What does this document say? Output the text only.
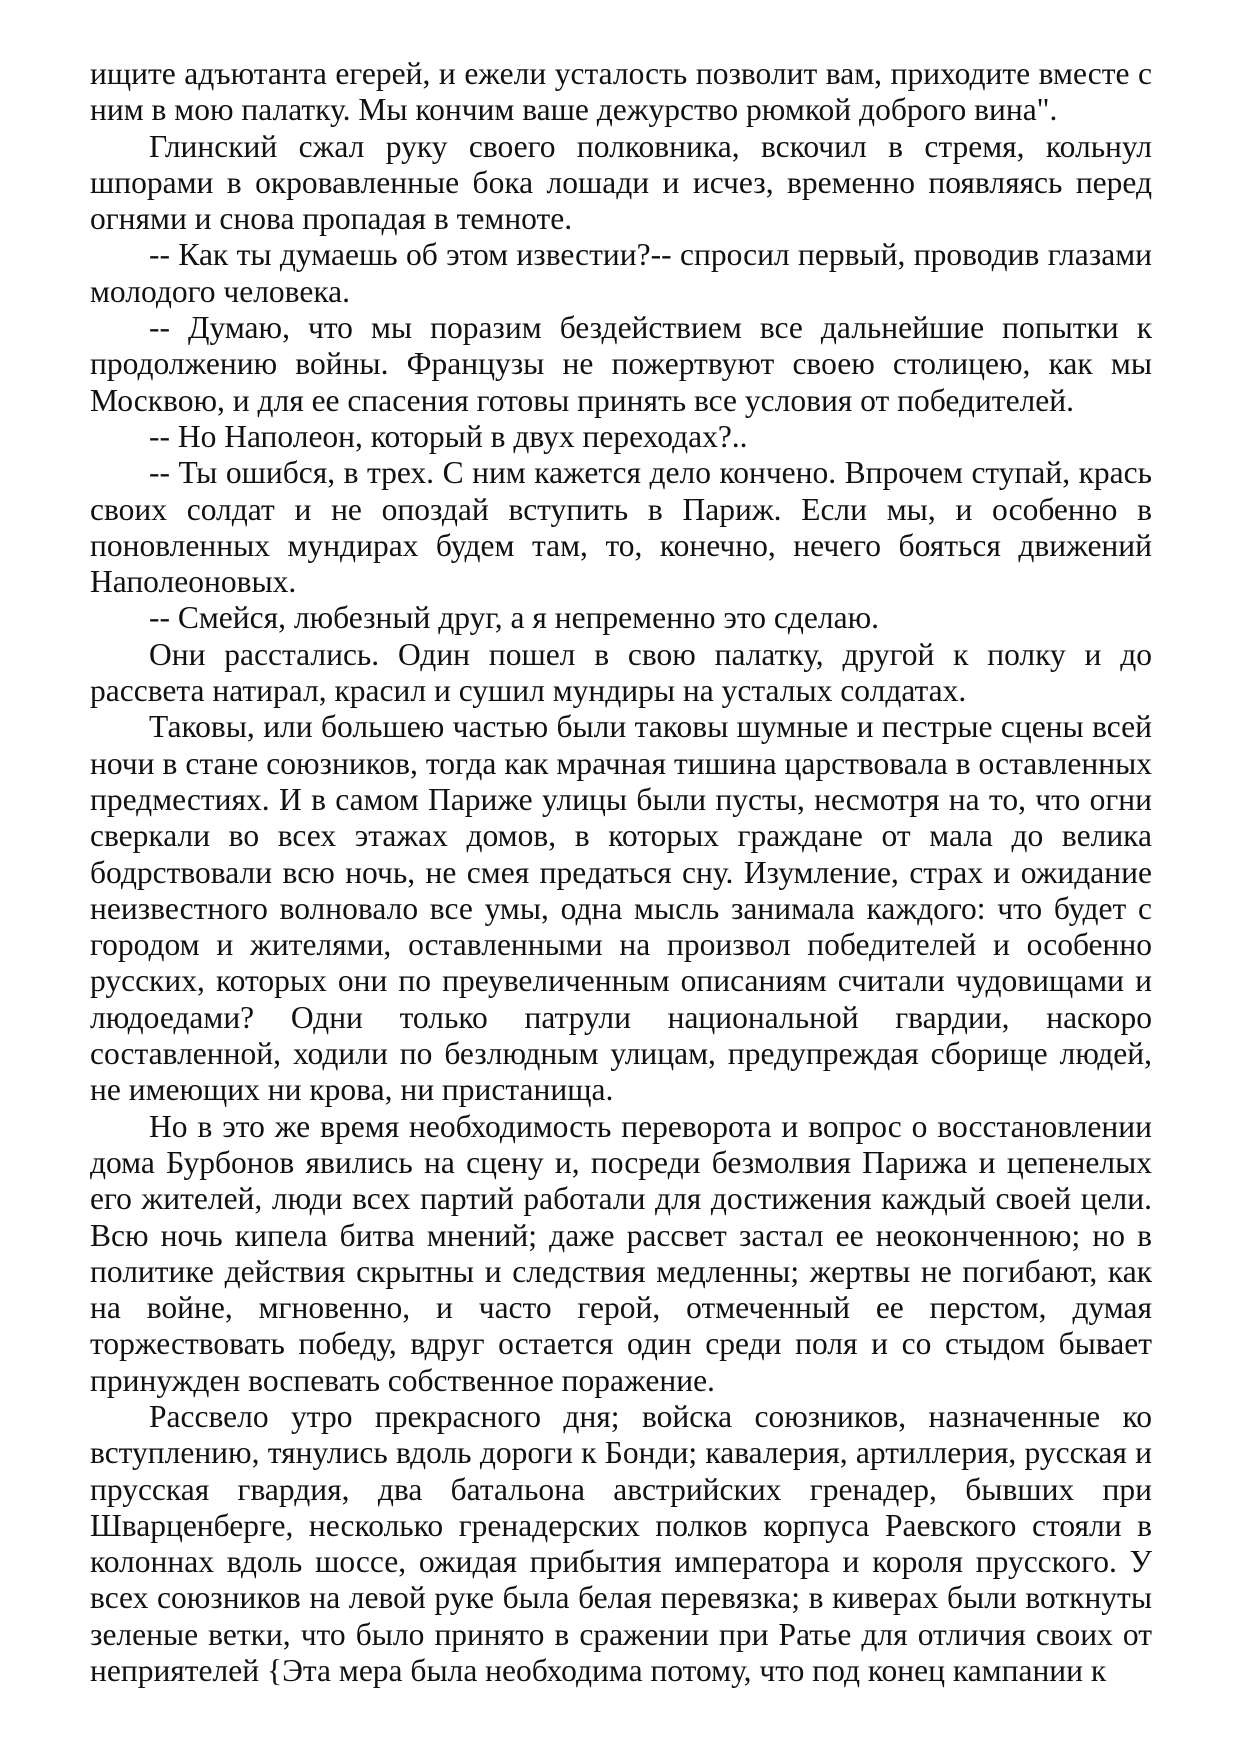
ищите адъютанта егерей, и ежели усталость позволит вам, приходите вместе с ним в мою палатку. Мы кончим ваше дежурство рюмкой доброго вина".

Глинский сжал руку своего полковника, вскочил в стремя, кольнул шпорами в окровавленные бока лошади и исчез, временно появляясь перед огнями и снова пропадая в темноте.

-- Как ты думаешь об этом известии?-- спросил первый, проводив глазами молодого человека.

-- Думаю, что мы поразим бездействием все дальнейшие попытки к продолжению войны. Французы не пожертвуют своею столицею, как мы Москвою, и для ее спасения готовы принять все условия от победителей.

-- Но Наполеон, который в двух переходах?..

-- Ты ошибся, в трех. С ним кажется дело кончено. Впрочем ступай, крась своих солдат и не опоздай вступить в Париж. Если мы, и особенно в поновленных мундирах будем там, то, конечно, нечего бояться движений Наполеоновых.

-- Смейся, любезный друг, а я непременно это сделаю.

Они расстались. Один пошел в свою палатку, другой к полку и до рассвета натирал, красил и сушил мундиры на усталых солдатах.

Таковы, или большею частью были таковы шумные и пестрые сцены всей ночи в стане союзников, тогда как мрачная тишина царствовала в оставленных предместиях. И в самом Париже улицы были пусты, несмотря на то, что огни сверкали во всех этажах домов, в которых граждане от мала до велика бодрствовали всю ночь, не смея предаться сну. Изумление, страх и ожидание неизвестного волновало все умы, одна мысль занимала каждого: что будет с городом и жителями, оставленными на произвол победителей и особенно русских, которых они по преувеличенным описаниям считали чудовищами и людоедами? Одни только патрули национальной гвардии, наскоро составленной, ходили по безлюдным улицам, предупреждая сборище людей, не имеющих ни крова, ни пристанища.

Но в это же время необходимость переворота и вопрос о восстановлении дома Бурбонов явились на сцену и, посреди безмолвия Парижа и цепенелых его жителей, люди всех партий работали для достижения каждый своей цели. Всю ночь кипела битва мнений; даже рассвет застал ее неоконченною; но в политике действия скрытны и следствия медленны; жертвы не погибают, как на войне, мгновенно, и часто герой, отмеченный ее перстом, думая торжествовать победу, вдруг остается один среди поля и со стыдом бывает принужден воспевать собственное поражение.

Рассвело утро прекрасного дня; войска союзников, назначенные ко вступлению, тянулись вдоль дороги к Бонди; кавалерия, артиллерия, русская и прусская гвардия, два батальона австрийских гренадер, бывших при Шварценберге, несколько гренадерских полков корпуса Раевского стояли в колоннах вдоль шоссе, ожидая прибытия императора и короля прусского. У всех союзников на левой руке была белая перевязка; в киверах были воткнуты зеленые ветки, что было принято в сражении при Ратье для отличия своих от неприятелей {Эта мера была необходима потому, что под конец кампании к
